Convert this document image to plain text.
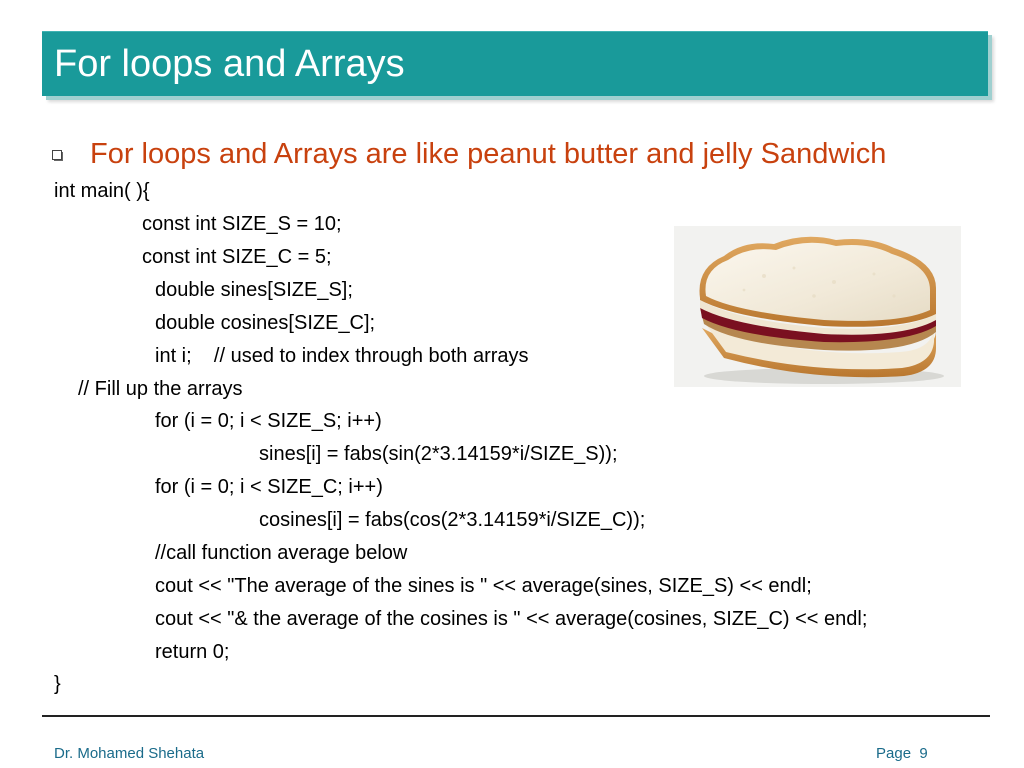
For loops and Arrays
For loops and Arrays are like peanut butter and jelly Sandwich
int main( ){
const int SIZE_S = 10;
const int SIZE_C = 5;
double sines[SIZE_S];
double cosines[SIZE_C];
int i;    // used to index through both arrays
// Fill up the arrays
for (i = 0; i < SIZE_S; i++)
sines[i] = fabs(sin(2*3.14159*i/SIZE_S));
for (i = 0; i < SIZE_C; i++)
cosines[i] = fabs(cos(2*3.14159*i/SIZE_C));
//call function average below
cout << "The average of the sines is " << average(sines, SIZE_S) << endl;
cout << "& the average of the cosines is " << average(cosines, SIZE_C) << endl;
return 0;
}
Dr. Mohamed Shehata	Page  9
